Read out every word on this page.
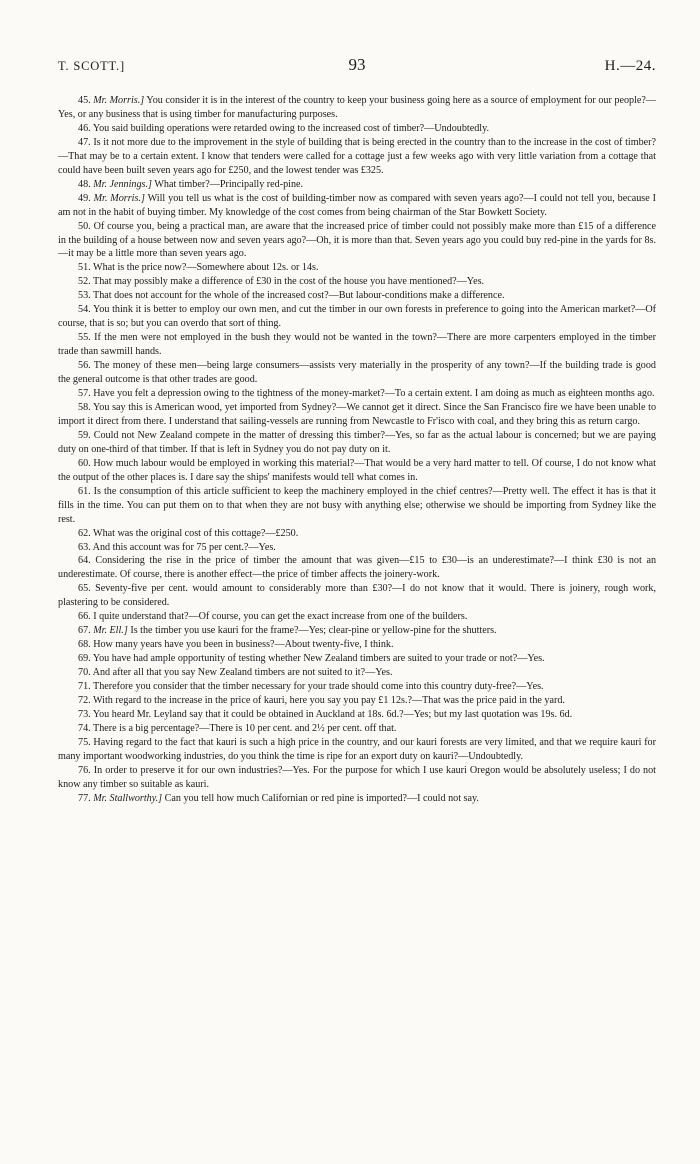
T. SCOTT.]	93	H.—24.

45. Mr. Morris.] You consider it is in the interest of the country to keep your business going here as a source of employment for our people?—Yes, or any business that is using timber for manufacturing purposes.

46. You said building operations were retarded owing to the increased cost of timber?—Undoubtedly.

47. Is it not more due to the improvement in the style of building that is being erected in the country than to the increase in the cost of timber?—That may be to a certain extent. I know that tenders were called for a cottage just a few weeks ago with very little variation from a cottage that could have been built seven years ago for £250, and the lowest tender was £325.

48. Mr. Jennings.] What timber?—Principally red-pine.

49. Mr. Morris.] Will you tell us what is the cost of building-timber now as compared with seven years ago?—I could not tell you, because I am not in the habit of buying timber. My knowledge of the cost comes from being chairman of the Star Bowkett Society.

50. Of course you, being a practical man, are aware that the increased price of timber could not possibly make more than £15 of a difference in the building of a house between now and seven years ago?—Oh, it is more than that. Seven years ago you could buy red-pine in the yards for 8s.—it may be a little more than seven years ago.

51. What is the price now?—Somewhere about 12s. or 14s.

52. That may possibly make a difference of £30 in the cost of the house you have mentioned?—Yes.

53. That does not account for the whole of the increased cost?—But labour-conditions make a difference.

54. You think it is better to employ our own men, and cut the timber in our own forests in preference to going into the American market?—Of course, that is so; but you can overdo that sort of thing.

55. If the men were not employed in the bush they would not be wanted in the town?—There are more carpenters employed in the timber trade than sawmill hands.

56. The money of these men—being large consumers—assists very materially in the prosperity of any town?—If the building trade is good the general outcome is that other trades are good.

57. Have you felt a depression owing to the tightness of the money-market?—To a certain extent. I am doing as much as eighteen months ago.

58. You say this is American wood, yet imported from Sydney?—We cannot get it direct. Since the San Francisco fire we have been unable to import it direct from there. I understand that sailing-vessels are running from Newcastle to Fr'isco with coal, and they bring this as return cargo.

59. Could not New Zealand compete in the matter of dressing this timber?—Yes, so far as the actual labour is concerned; but we are paying duty on one-third of that timber. If that is left in Sydney you do not pay duty on it.

60. How much labour would be employed in working this material?—That would be a very hard matter to tell. Of course, I do not know what the output of the other places is. I dare say the ships' manifests would tell what comes in.

61. Is the consumption of this article sufficient to keep the machinery employed in the chief centres?—Pretty well. The effect it has is that it fills in the time. You can put them on to that when they are not busy with anything else; otherwise we should be importing from Sydney like the rest.

62. What was the original cost of this cottage?—£250.

63. And this account was for 75 per cent.?—Yes.

64. Considering the rise in the price of timber the amount that was given—£15 to £30—is an underestimate?—I think £30 is not an underestimate. Of course, there is another effect—the price of timber affects the joinery-work.

65. Seventy-five per cent. would amount to considerably more than £30?—I do not know that it would. There is joinery, rough work, plastering to be considered.

66. I quite understand that?—Of course, you can get the exact increase from one of the builders.

67. Mr. Ell.] Is the timber you use kauri for the frame?—Yes; clear-pine or yellow-pine for the shutters.

68. How many years have you been in business?—About twenty-five, I think.

69. You have had ample opportunity of testing whether New Zealand timbers are suited to your trade or not?—Yes.

70. And after all that you say New Zealand timbers are not suited to it?—Yes.

71. Therefore you consider that the timber necessary for your trade should come into this country duty-free?—Yes.

72. With regard to the increase in the price of kauri, here you say you pay £1 12s.?—That was the price paid in the yard.

73. You heard Mr. Leyland say that it could be obtained in Auckland at 18s. 6d.?—Yes; but my last quotation was 19s. 6d.

74. There is a big percentage?—There is 10 per cent. and 2½ per cent. off that.

75. Having regard to the fact that kauri is such a high price in the country, and our kauri forests are very limited, and that we require kauri for many important woodworking industries, do you think the time is ripe for an export duty on kauri?—Undoubtedly.

76. In order to preserve it for our own industries?—Yes. For the purpose for which I use kauri Oregon would be absolutely useless; I do not know any timber so suitable as kauri.

77. Mr. Stallworthy.] Can you tell how much Californian or red pine is imported?—I could not say.
